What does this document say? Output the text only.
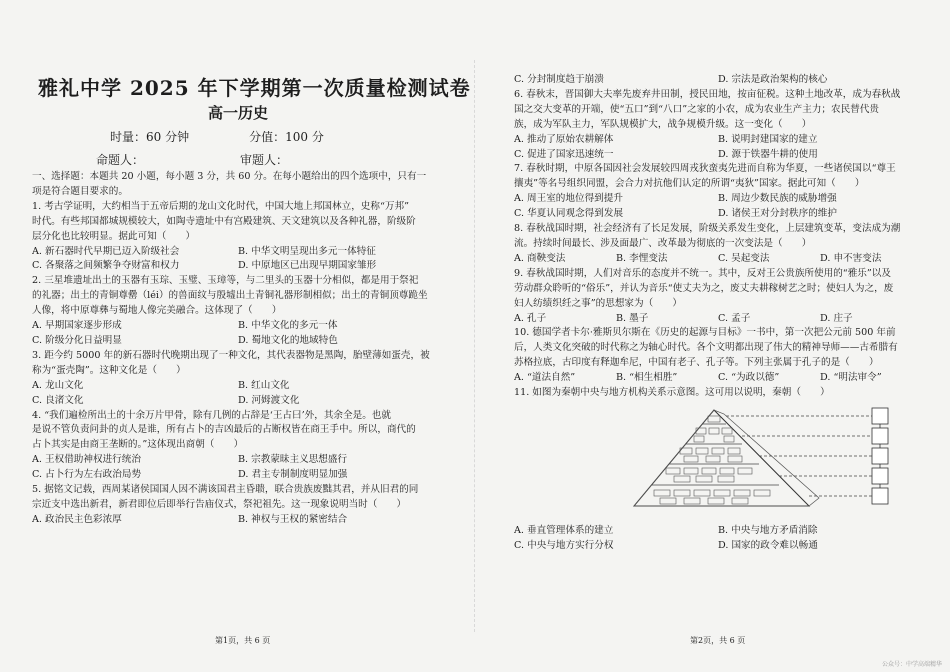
雅礼中学 2025 年下学期第一次质量检测试卷
高一历史
时量：60 分钟	分值：100 分
命题人：	审题人：

一、选择题：本题共 20 小题，每小题 3 分，共 60 分。在每小题给出的四个选项中，只有一

项是符合题目要求的。

1. 考古学证明，大约相当于五帝后期的龙山文化时代，中国大地上邦国林立，史称“万邦”

时代。有些邦国都城规模较大，如陶寺遗址中有宫殿建筑、天文建筑以及各种礼器，阶级阶

层分化也比较明显。据此可知（　　）

A. 新石器时代早期已迈入阶级社会	B. 中华文明呈现出多元一体特征
C. 各聚落之间频繁争夺财富和权力	D. 中原地区已出现早期国家雏形

2. 三星堆遗址出土的玉器有玉琮、玉璧、玉璋等，与二里头的玉器十分相似，都是用于祭祀

的礼器；出土的青铜尊罍（léi）的兽面纹与殷墟出土青铜礼器形制相似；出土的青铜顶尊跪坐

人像，将中原尊彝与蜀地人像完美融合。这体现了（　　）

A. 早期国家逐步形成	B. 中华文化的多元一体
C. 阶级分化日益明显	D. 蜀地文化的地域特色

3. 距今约 5000 年的新石器时代晚期出现了一种文化，其代表器物是黑陶，胎壁薄如蛋壳，被

称为“蛋壳陶”。这种文化是（　　）

A. 龙山文化	B. 红山文化
C. 良渚文化	D. 河姆渡文化

4. “我们遍检所出土的十余万片甲骨，除有几例的占辞是‘王占曰’外，其余全是。也就

是说不管负责问卦的贞人是谁，所有占卜的吉凶最后的占断权皆在商王手中。所以，商代的

占卜其实是由商王垄断的。”这体现出商朝（　　）

A. 王权借助神权进行统治	B. 宗教蒙昧主义思想盛行
C. 占卜行为左右政治局势	D. 君主专制制度明显加强

5. 据铭文记载，西周某诸侯国国人因不满该国君主昏聩，联合贵族废黜其君，并从旧君的同

宗近支中选出新君，新君即位后即举行告庙仪式，祭祀祖先。这一现象说明当时（　　）

A. 政治民主色彩浓厚	B. 神权与王权的紧密结合
第1页，共 6 页
C. 分封制度趋于崩溃	D. 宗法是政治架构的核心

6. 春秋末，晋国御大夫率先废弃井田制，授民田地，按亩征税。这种土地改革，成为春秋战

国之交大变革的开端，使“五口”到“八口”之家的小农，成为农业生产主力；农民替代贵

族，成为军队主力，军队规模扩大，战争规模升级。这一变化（　　）

A. 推动了原始农耕解体	B. 说明封建国家的建立
C. 促进了国家迅速统一	D. 源于铁器牛耕的使用

7. 春秋时期，中原各国因社会发展较四周戎狄蛮夷先进而自称为华夏，一些诸侯国以“尊王

攘夷”等名号组织同盟，会合力对抗他们认定的所谓“夷狄”国家。据此可知（　　）

A. 周王室的地位得到提升	B. 周边少数民族的威胁增强
C. 华夏认同观念得到发展	D. 诸侯王对分封秩序的维护

8. 春秋战国时期，社会经济有了长足发展，阶级关系发生变化，上层建筑变革，变法成为潮

流。持续时间最长、涉及面最广、改革最为彻底的一次变法是（　　）

A. 商鞅变法	B. 李悝变法	C. 吴起变法	D. 申不害变法

9. 春秋战国时期，人们对音乐的态度并不统一。其中，反对王公贵族所使用的“雅乐”以及

劳动群众聆听的“俗乐”，并认为音乐“使丈夫为之，废丈夫耕稼树艺之时；使妇人为之，废

妇人纺绩织纴之事”的思想家为（　　）

A. 孔子	B. 墨子	C. 孟子	D. 庄子

10. 德国学者卡尔·雅斯贝尔斯在《历史的起源与目标》一书中，第一次把公元前 500 年前

后，人类文化突破的时代称之为轴心时代。各个文明都出现了伟大的精神导师——古希腊有

苏格拉底，古印度有释迦牟尼，中国有老子、孔子等。下列主张属于孔子的是（　　）

A. “道法自然”	B. “相生相胜”	C. “为政以德”	D. “明法审令”

11. 如图为秦朝中央与地方机构关系示意图。这可用以说明，秦朝（　　）

A. 垂直管理体系的建立	B. 中央与地方矛盾消除
C. 中央与地方实行分权	D. 国家的政令难以畅通
第2页，共 6 页
公众号：中学高端精华
